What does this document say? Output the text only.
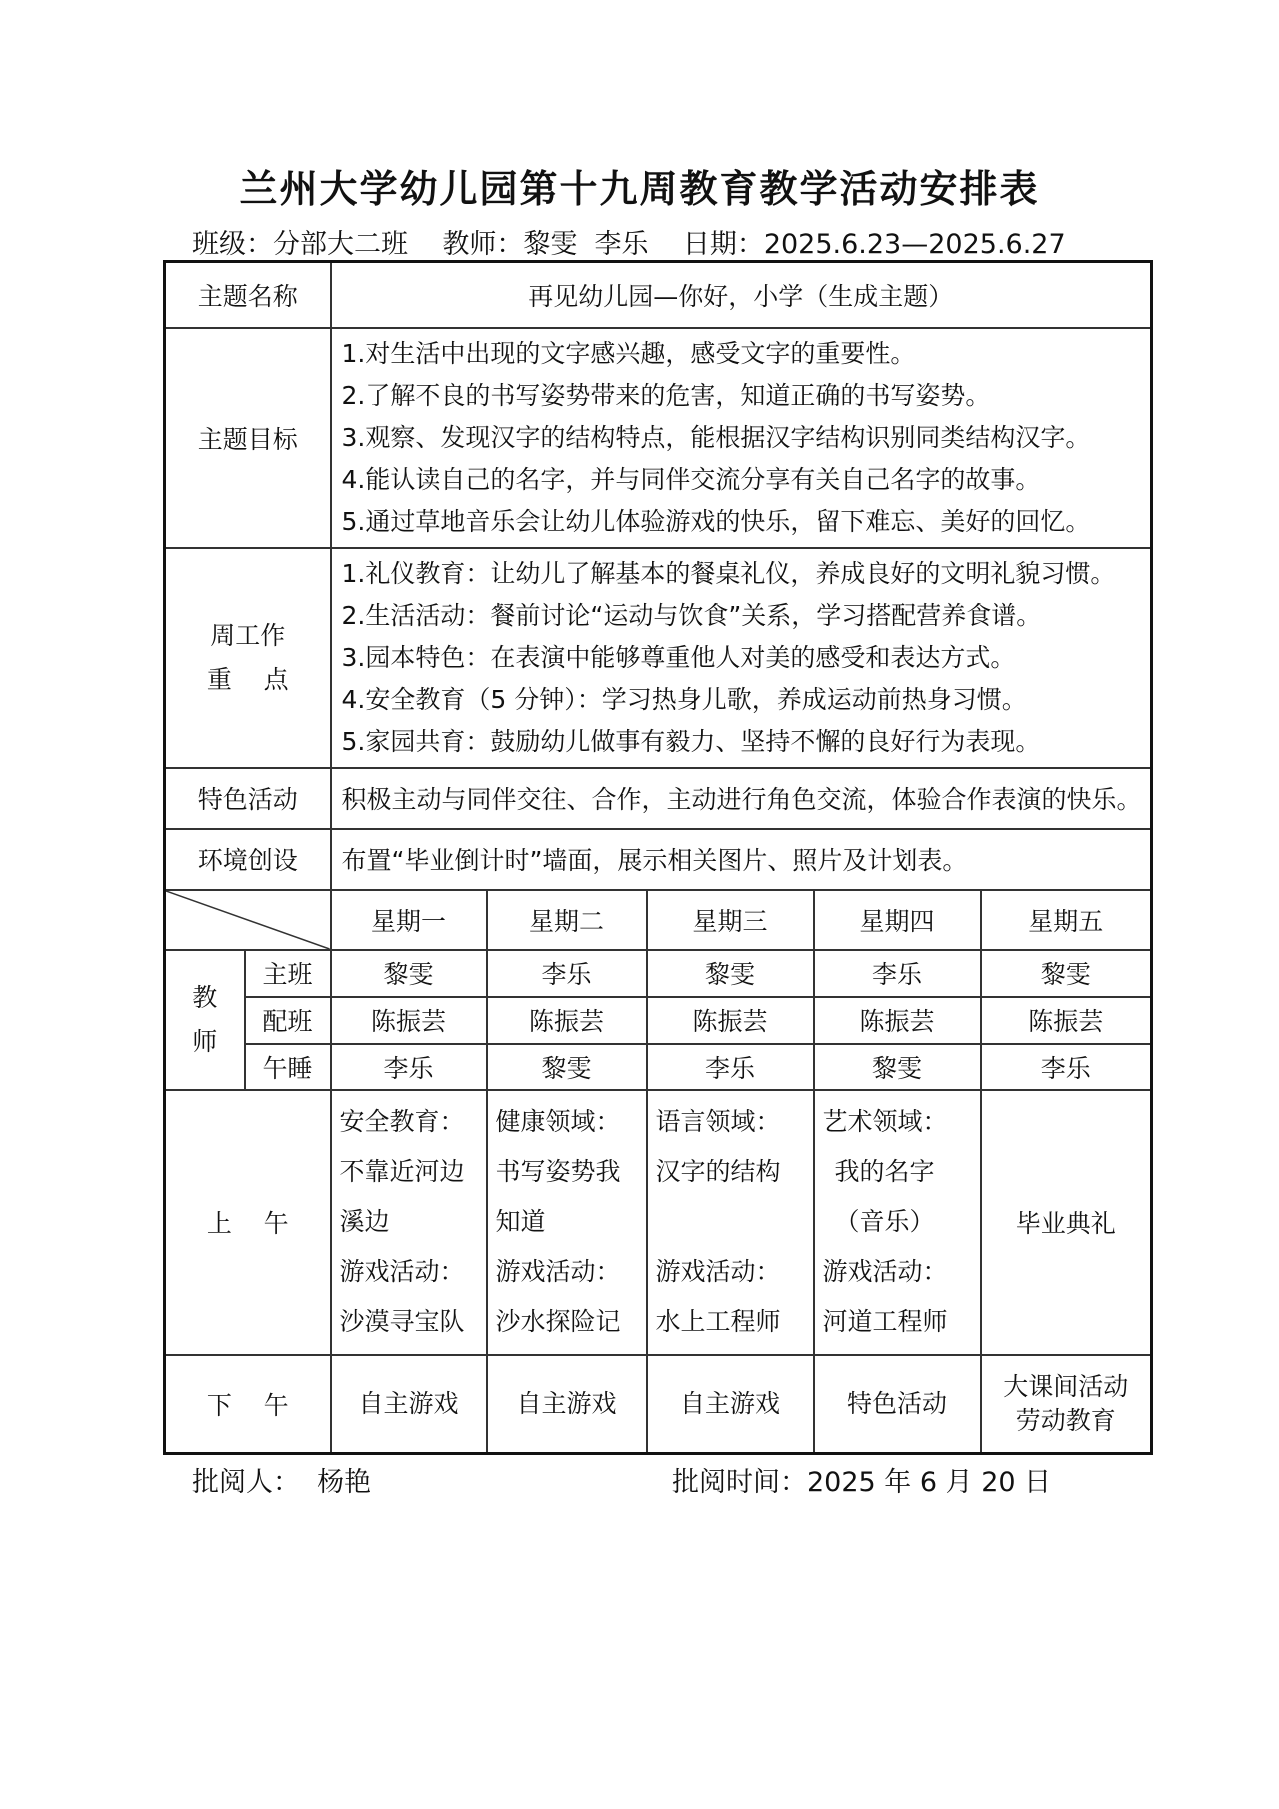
兰州大学幼儿园第十九周教育教学活动安排表
班级：分部大二班    教师：黎雯  李乐    日期：2025.6.23—2025.6.27
主题名称		再见幼儿园—你好，小学（生成主题）				
主题目标		1.对生活中出现的文字感兴趣，感受文字的重要性。
2.了解不良的书写姿势带来的危害，知道正确的书写姿势。
3.观察、发现汉字的结构特点，能根据汉字结构识别同类结构汉字。
4.能认读自己的名字，并与同伴交流分享有关自己名字的故事。
5.通过草地音乐会让幼儿体验游戏的快乐，留下难忘、美好的回忆。				

周工作
重    点		1.礼仪教育：让幼儿了解基本的餐桌礼仪，养成良好的文明礼貌习惯。
2.生活活动：餐前讨论“运动与饮食”关系，学习搭配营养食谱。
3.园本特色：在表演中能够尊重他人对美的感受和表达方式。
4.安全教育（5 分钟）：学习热身儿歌，养成运动前热身习惯。
5.家园共育：鼓励幼儿做事有毅力、坚持不懈的良好行为表现。				

特色活动		积极主动与同伴交往、合作，主动进行角色交流，体验合作表演的快乐。				
环境创设		布置“毕业倒计时”墙面，展示相关图片、照片及计划表。				

	星期一	星期二	星期三	星期四	星期五

教
师	主班	黎雯	李乐	黎雯	李乐	黎雯
	配班	陈振芸	陈振芸	陈振芸	陈振芸	陈振芸
	午睡	李乐	黎雯	李乐	黎雯	李乐
上    午		安全教育：
不靠近河边
溪边
游戏活动：
沙漠寻宝队	健康领域：
书写姿势我
知道
游戏活动：
沙水探险记	语言领域：
汉字的结构
游戏活动：
水上工程师	艺术领域：
我的名字
（音乐）
游戏活动：
河道工程师	毕业典礼
下    午		自主游戏	自主游戏	自主游戏	特色活动	大课间活动
劳动教育
批阅人：  杨艳	批阅时间：2025 年 6 月 20 日
